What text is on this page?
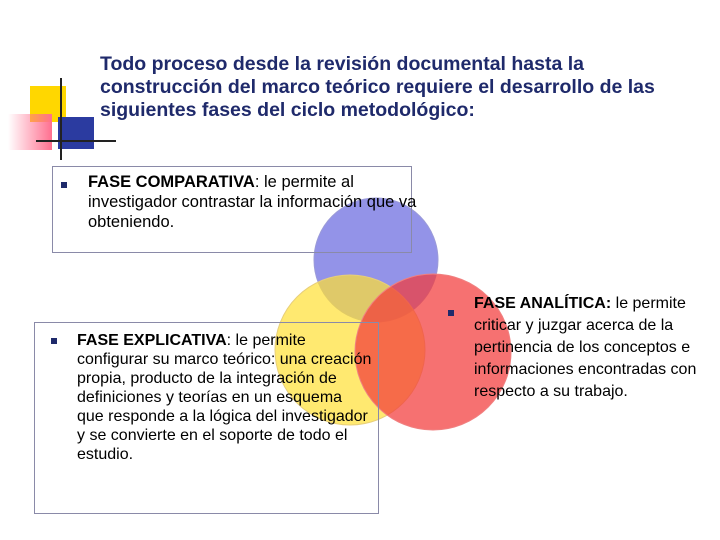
Todo proceso desde la revisión documental hasta la construcción del marco teórico requiere el desarrollo de las siguientes fases del ciclo metodológico:
FASE COMPARATIVA: le permite al investigador contrastar la información que va obteniendo.
FASE EXPLICATIVA: le permite configurar su marco teórico: una creación propia, producto de la integración de definiciones y teorías en un esquema que responde a la lógica del investigador y se convierte en el soporte de todo el estudio.
FASE ANALÍTICA: le permite criticar y juzgar acerca de la pertinencia de los conceptos e informaciones encontradas con respecto a su trabajo.
